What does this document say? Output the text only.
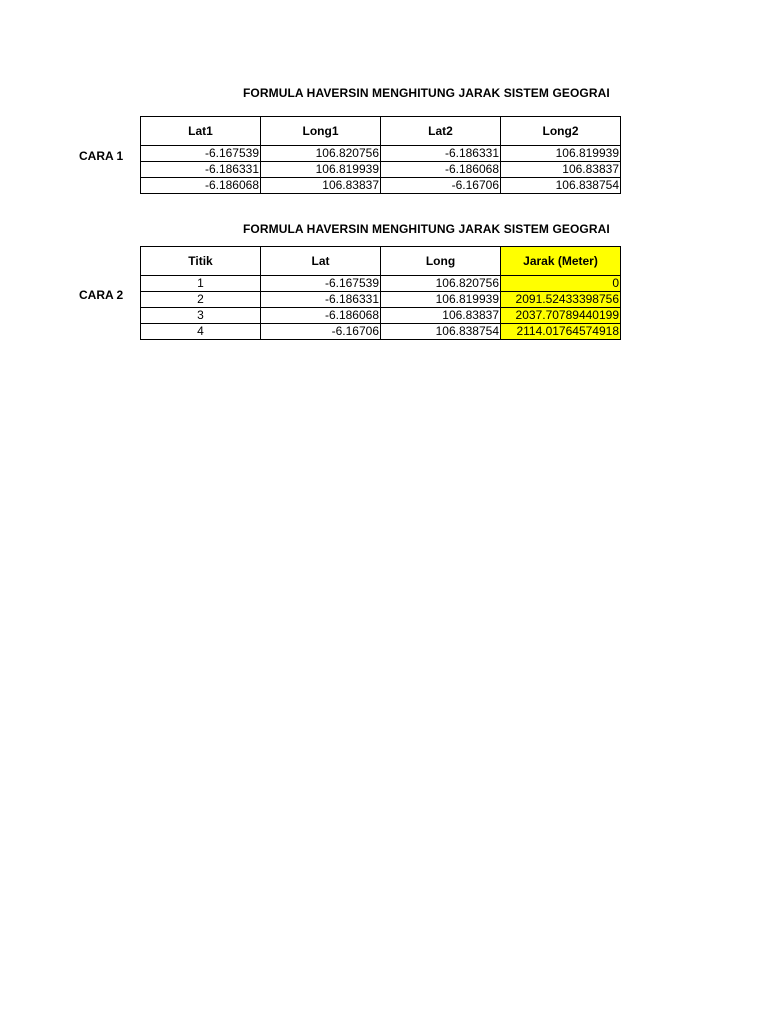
FORMULA HAVERSIN MENGHITUNG JARAK SISTEM GEOGRAI
CARA 1
Lat1	Long1	Lat2	Long2
-6.167539	106.820756	-6.186331	106.819939
-6.186331	106.819939	-6.186068	106.83837
-6.186068	106.83837	-6.16706	106.838754
FORMULA HAVERSIN MENGHITUNG JARAK SISTEM GEOGRAI
CARA 2
Titik	Lat	Long	Jarak (Meter)
1	-6.167539	106.820756	0
2	-6.186331	106.819939	2091.52433398756
3	-6.186068	106.83837	2037.70789440199
4	-6.16706	106.838754	2114.01764574918
